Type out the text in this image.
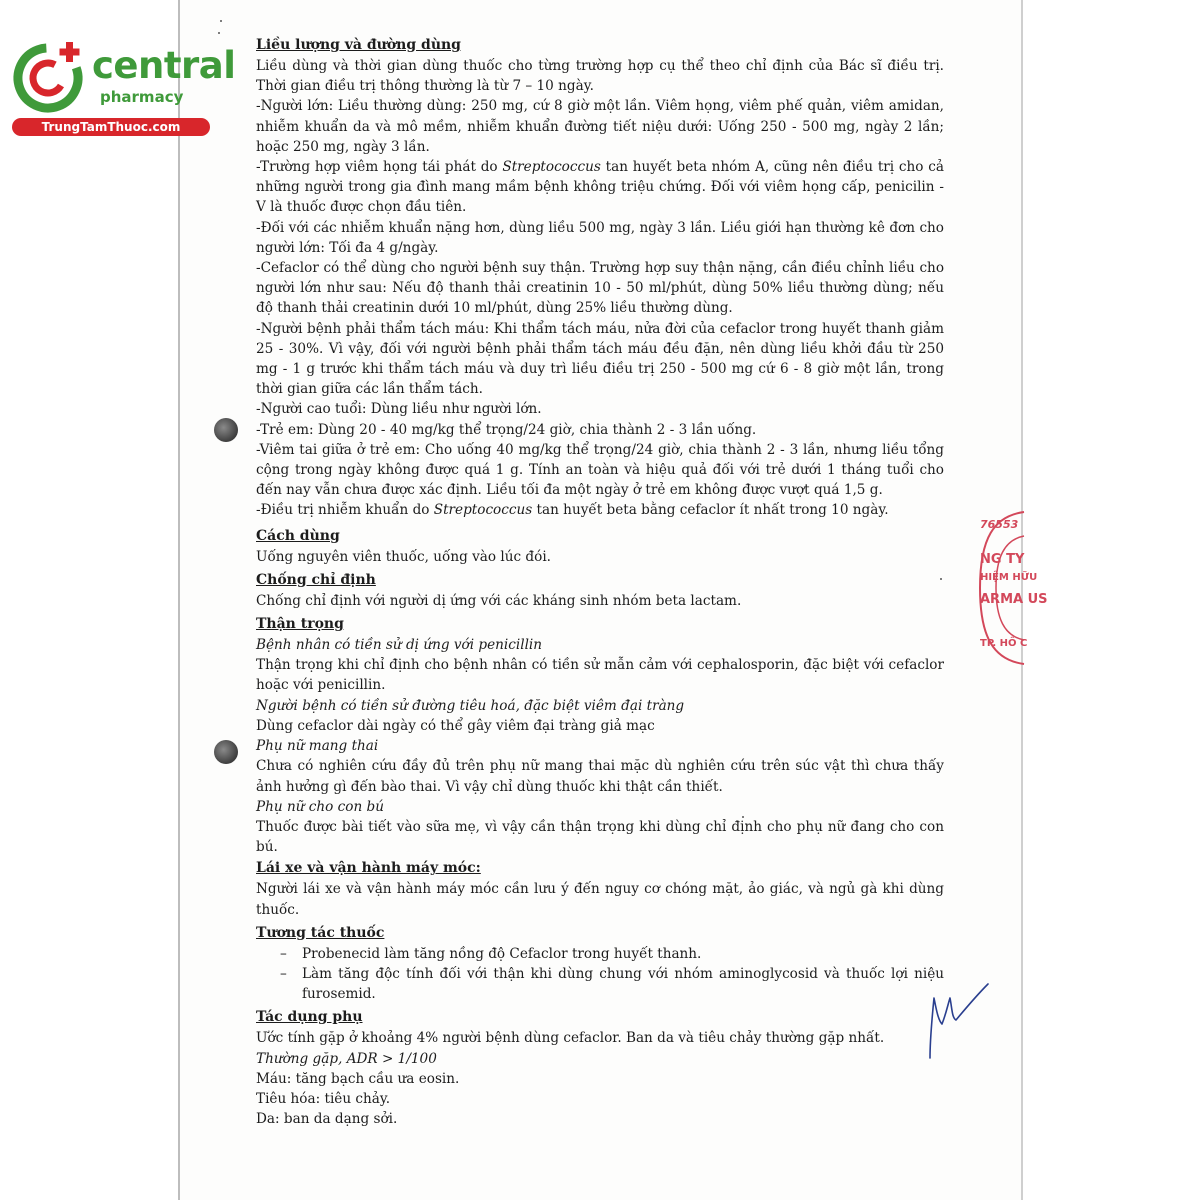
central
pharmacy
TrungTamThuoc.com
Liều lượng và đường dùng

Liều dùng và thời gian dùng thuốc cho từng trường hợp cụ thể theo chỉ định của Bác sĩ điều trị. Thời gian điều trị thông thường là từ 7 – 10 ngày.

-Người lớn: Liều thường dùng: 250 mg, cứ 8 giờ một lần. Viêm họng, viêm phế quản, viêm amidan, nhiễm khuẩn da và mô mềm, nhiễm khuẩn đường tiết niệu dưới: Uống 250 - 500 mg, ngày 2 lần; hoặc 250 mg, ngày 3 lần.

-Trường hợp viêm họng tái phát do Streptococcus tan huyết beta nhóm A, cũng nên điều trị cho cả những người trong gia đình mang mầm bệnh không triệu chứng. Đối với viêm họng cấp, penicilin - V là thuốc được chọn đầu tiên.

-Đối với các nhiễm khuẩn nặng hơn, dùng liều 500 mg, ngày 3 lần. Liều giới hạn thường kê đơn cho người lớn: Tối đa 4 g/ngày.

-Cefaclor có thể dùng cho người bệnh suy thận. Trường hợp suy thận nặng, cần điều chỉnh liều cho người lớn như sau: Nếu độ thanh thải creatinin 10 - 50 ml/phút, dùng 50% liều thường dùng; nếu độ thanh thải creatinin dưới 10 ml/phút, dùng 25% liều thường dùng.

-Người bệnh phải thẩm tách máu: Khi thẩm tách máu, nửa đời của cefaclor trong huyết thanh giảm 25 - 30%. Vì vậy, đối với người bệnh phải thẩm tách máu đều đặn, nên dùng liều khởi đầu từ 250 mg - 1 g trước khi thẩm tách máu và duy trì liều điều trị 250 - 500 mg cứ 6 - 8 giờ một lần, trong thời gian giữa các lần thẩm tách.

-Người cao tuổi: Dùng liều như người lớn.

-Trẻ em: Dùng 20 - 40 mg/kg thể trọng/24 giờ, chia thành 2 - 3 lần uống.

-Viêm tai giữa ở trẻ em: Cho uống 40 mg/kg thể trọng/24 giờ, chia thành 2 - 3 lần, nhưng liều tổng cộng trong ngày không được quá 1 g. Tính an toàn và hiệu quả đối với trẻ dưới 1 tháng tuổi cho đến nay vẫn chưa được xác định. Liều tối đa một ngày ở trẻ em không được vượt quá 1,5 g.

-Điều trị nhiễm khuẩn do Streptococcus tan huyết beta bằng cefaclor ít nhất trong 10 ngày.

Cách dùng

Uống nguyên viên thuốc, uống vào lúc đói.

Chống chỉ định

Chống chỉ định với người dị ứng với các kháng sinh nhóm beta lactam.

Thận trọng

Bệnh nhân có tiền sử dị ứng với penicillin

Thận trọng khi chỉ định cho bệnh nhân có tiền sử mẫn cảm với cephalosporin, đặc biệt với cefaclor hoặc với penicillin.

Người bệnh có tiền sử đường tiêu hoá, đặc biệt viêm đại tràng

Dùng cefaclor dài ngày có thể gây viêm đại tràng giả mạc

Phụ nữ mang thai

Chưa có nghiên cứu đầy đủ trên phụ nữ mang thai mặc dù nghiên cứu trên súc vật thì chưa thấy ảnh hưởng gì đến bào thai. Vì vậy chỉ dùng thuốc khi thật cần thiết.

Phụ nữ cho con bú

Thuốc được bài tiết vào sữa mẹ, vì vậy cần thận trọng khi dùng chỉ định cho phụ nữ đang cho con bú.

Lái xe và vận hành máy móc:

Người lái xe và vận hành máy móc cần lưu ý đến nguy cơ chóng mặt, ảo giác, và ngủ gà khi dùng thuốc.

Tương tác thuốc
–	Probenecid làm tăng nồng độ Cefaclor trong huyết thanh.
–	Làm tăng độc tính đối với thận khi dùng chung với nhóm aminoglycosid và thuốc lợi niệu furosemid.
Tác dụng phụ

Ước tính gặp ở khoảng 4% người bệnh dùng cefaclor. Ban da và tiêu chảy thường gặp nhất.

Thường gặp, ADR > 1/100

Máu: tăng bạch cầu ưa eosin.

Tiêu hóa: tiêu chảy.

Da: ban da dạng sởi.

76553
NG TY
HIỆM HỮU
ARMA US
TP. HỒ C
